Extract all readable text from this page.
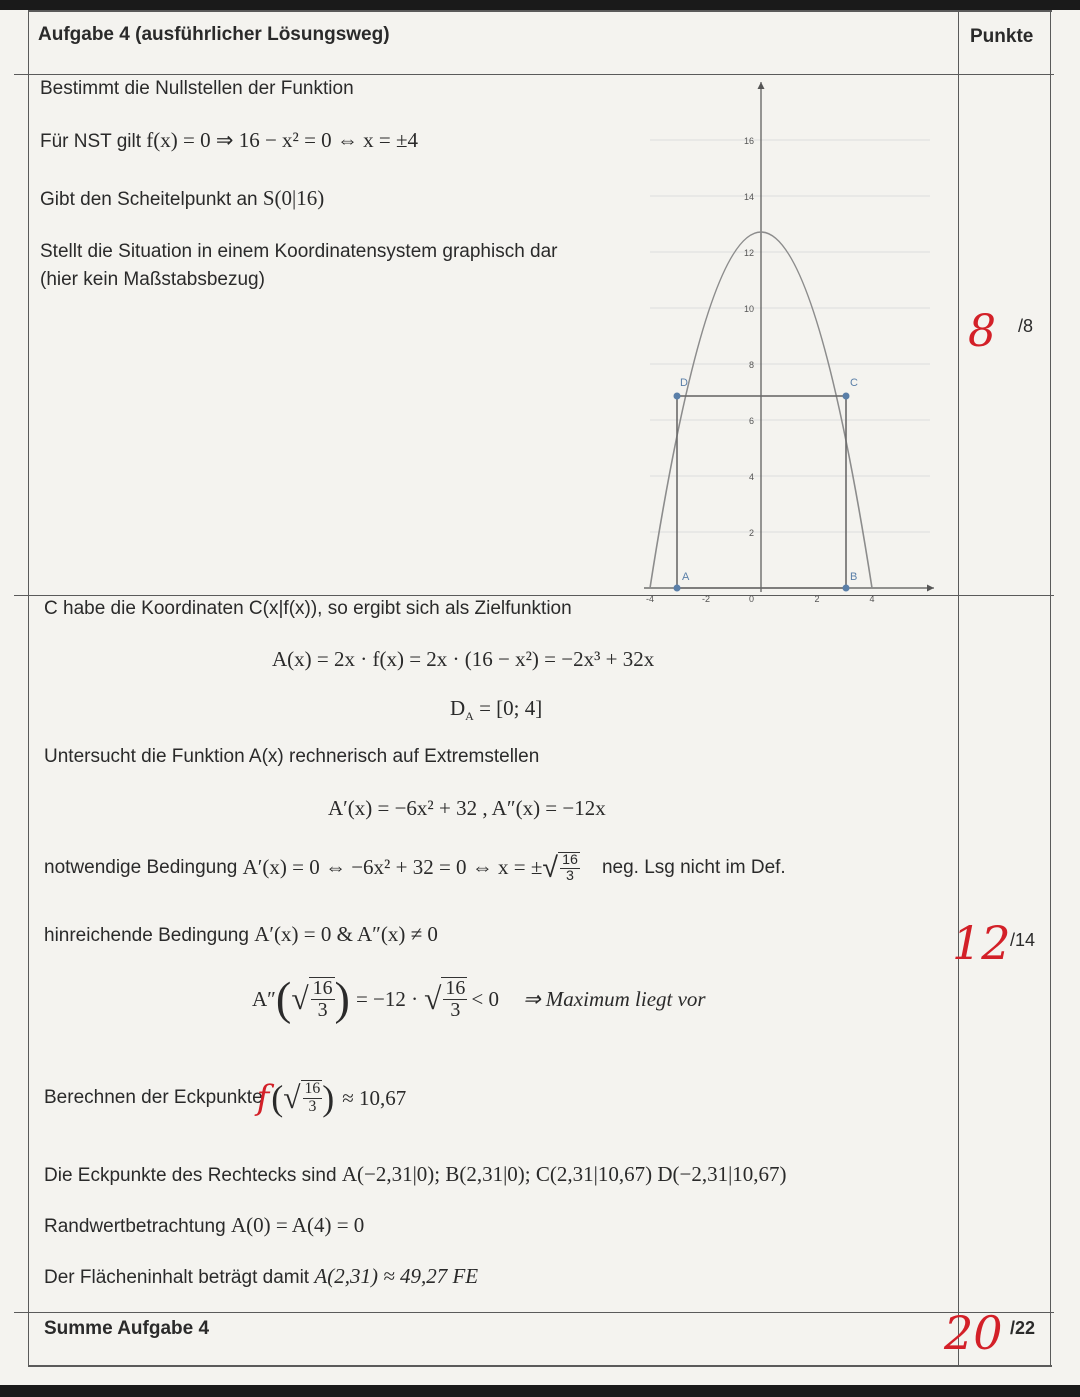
Aufgabe 4 (ausführlicher Lösungsweg)	Punkte
Bestimmt die Nullstellen der Funktion
Für NST gilt f(x) = 0 ⇒ 16 − x² = 0 ⇔ x = ±4
Gibt den Scheitelpunkt an S(0|16)
Stellt die Situation in einem Koordinatensystem graphisch dar
(hier kein Maßstabsbezug)
A	B
C
D
16
14
12
10
8
6
4
2
0
-4	-2	2	4
8 /8
C habe die Koordinaten C(x|f(x)), so ergibt sich als Zielfunktion
A(x) = 2x · f(x) = 2x · (16 − x²) = −2x³ + 32x
$D_A = [0$; 4]
Untersucht die Funktion A(x) rechnerisch auf Extremstellen
A′(x) = −6x² + 32 , A″(x) = −12x
notwendige Bedingung
A′(x) = 0 ⇔ −6x² + 32 = 0 ⇔ x = ± √ $\frac{16}{3}$ neg. Lsg nicht im Def.
hinreichende Bedingung A′(x) = 0 & A″(x) ≠ 0
A″ ( √ $\frac{16}{3}$ ) = −12 · √ $\frac{16}{3} < 0$ ⇒ Maximum liegt vor
Berechnen der Eckpunkte
f ( √ $\frac{16}{3}$ ) ≈ 10,67
Die Eckpunkte des Rechtecks sind A(−2,31|0); B(2,31|0); C(2,31|10,67) D(−2,31|10,67)
Randwertbetrachtung A(0) = A(4) = 0
Der Flächeninhalt beträgt damit A(2,31) ≈ 49,27 FE
12 /14
Summe Aufgabe 4	20 /22
